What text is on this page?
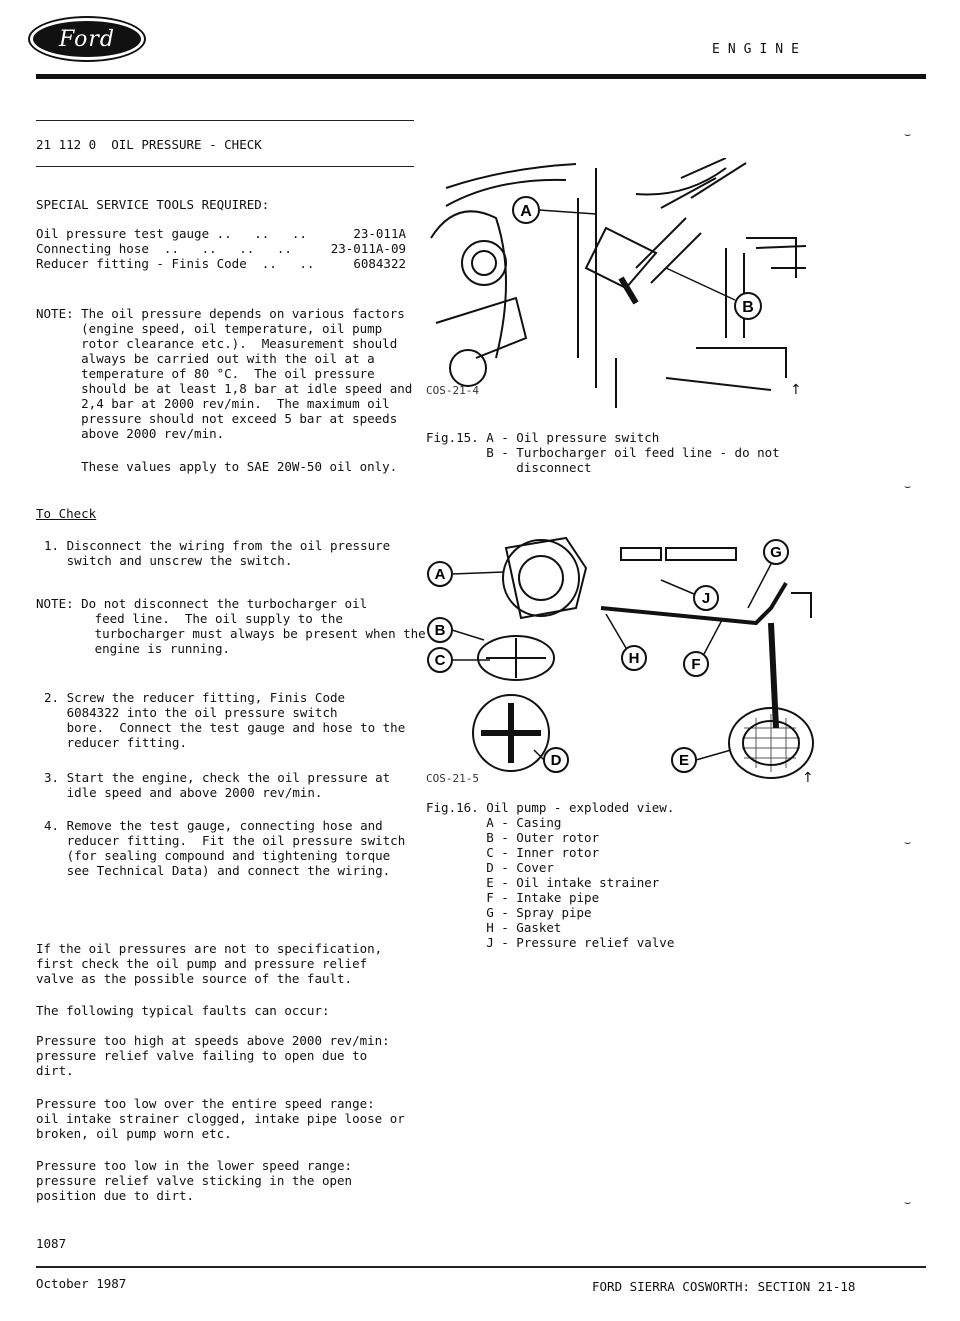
Ford	ENGINE
21 112 0  OIL PRESSURE - CHECK
SPECIAL SERVICE TOOLS REQUIRED:
Oil pressure test gauge ..   ..   ..	23-011A
Connecting hose  ..   ..   ..   ..	23-011A-09
Reducer fitting - Finis Code  ..   ..	6084322
NOTE: The oil pressure depends on various factors
(engine speed, oil temperature, oil pump
rotor clearance etc.).  Measurement should
always be carried out with the oil at a
temperature of 80 °C.  The oil pressure
should be at least 1,8 bar at idle speed and
2,4 bar at 2000 rev/min.  The maximum oil
pressure should not exceed 5 bar at speeds
above 2000 rev/min.
These values apply to SAE 20W-50 oil only.
To Check
1. Disconnect the wiring from the oil pressure
switch and unscrew the switch.
NOTE: Do not disconnect the turbocharger oil
feed line.  The oil supply to the
turbocharger must always be present when the
engine is running.
2. Screw the reducer fitting, Finis Code
6084322 into the oil pressure switch
bore.  Connect the test gauge and hose to the
reducer fitting.
3. Start the engine, check the oil pressure at
idle speed and above 2000 rev/min.
4. Remove the test gauge, connecting hose and
reducer fitting.  Fit the oil pressure switch
(for sealing compound and tightening torque
see Technical Data) and connect the wiring.
If the oil pressures are not to specification,
first check the oil pump and pressure relief
valve as the possible source of the fault.
The following typical faults can occur:
Pressure too high at speeds above 2000 rev/min:
pressure relief valve failing to open due to
dirt.
Pressure too low over the entire speed range:
oil intake strainer clogged, intake pipe loose or
broken, oil pump worn etc.
Pressure too low in the lower speed range:
pressure relief valve sticking in the open
position due to dirt.
1087
A
B
COS-21-4	↑
Fig.15. A - Oil pressure switch
B - Turbocharger oil feed line - do not
disconnect
A
B
C
D	E
F
G
H
J
COS-21-5	↑
Fig.16. Oil pump - exploded view.
A - Casing
B - Outer rotor
C - Inner rotor
D - Cover
E - Oil intake strainer
F - Intake pipe
G - Spray pipe
H - Gasket
J - Pressure relief valve
⌣
⌣
⌣
⌣
October 1987	FORD SIERRA COSWORTH: SECTION 21-18
